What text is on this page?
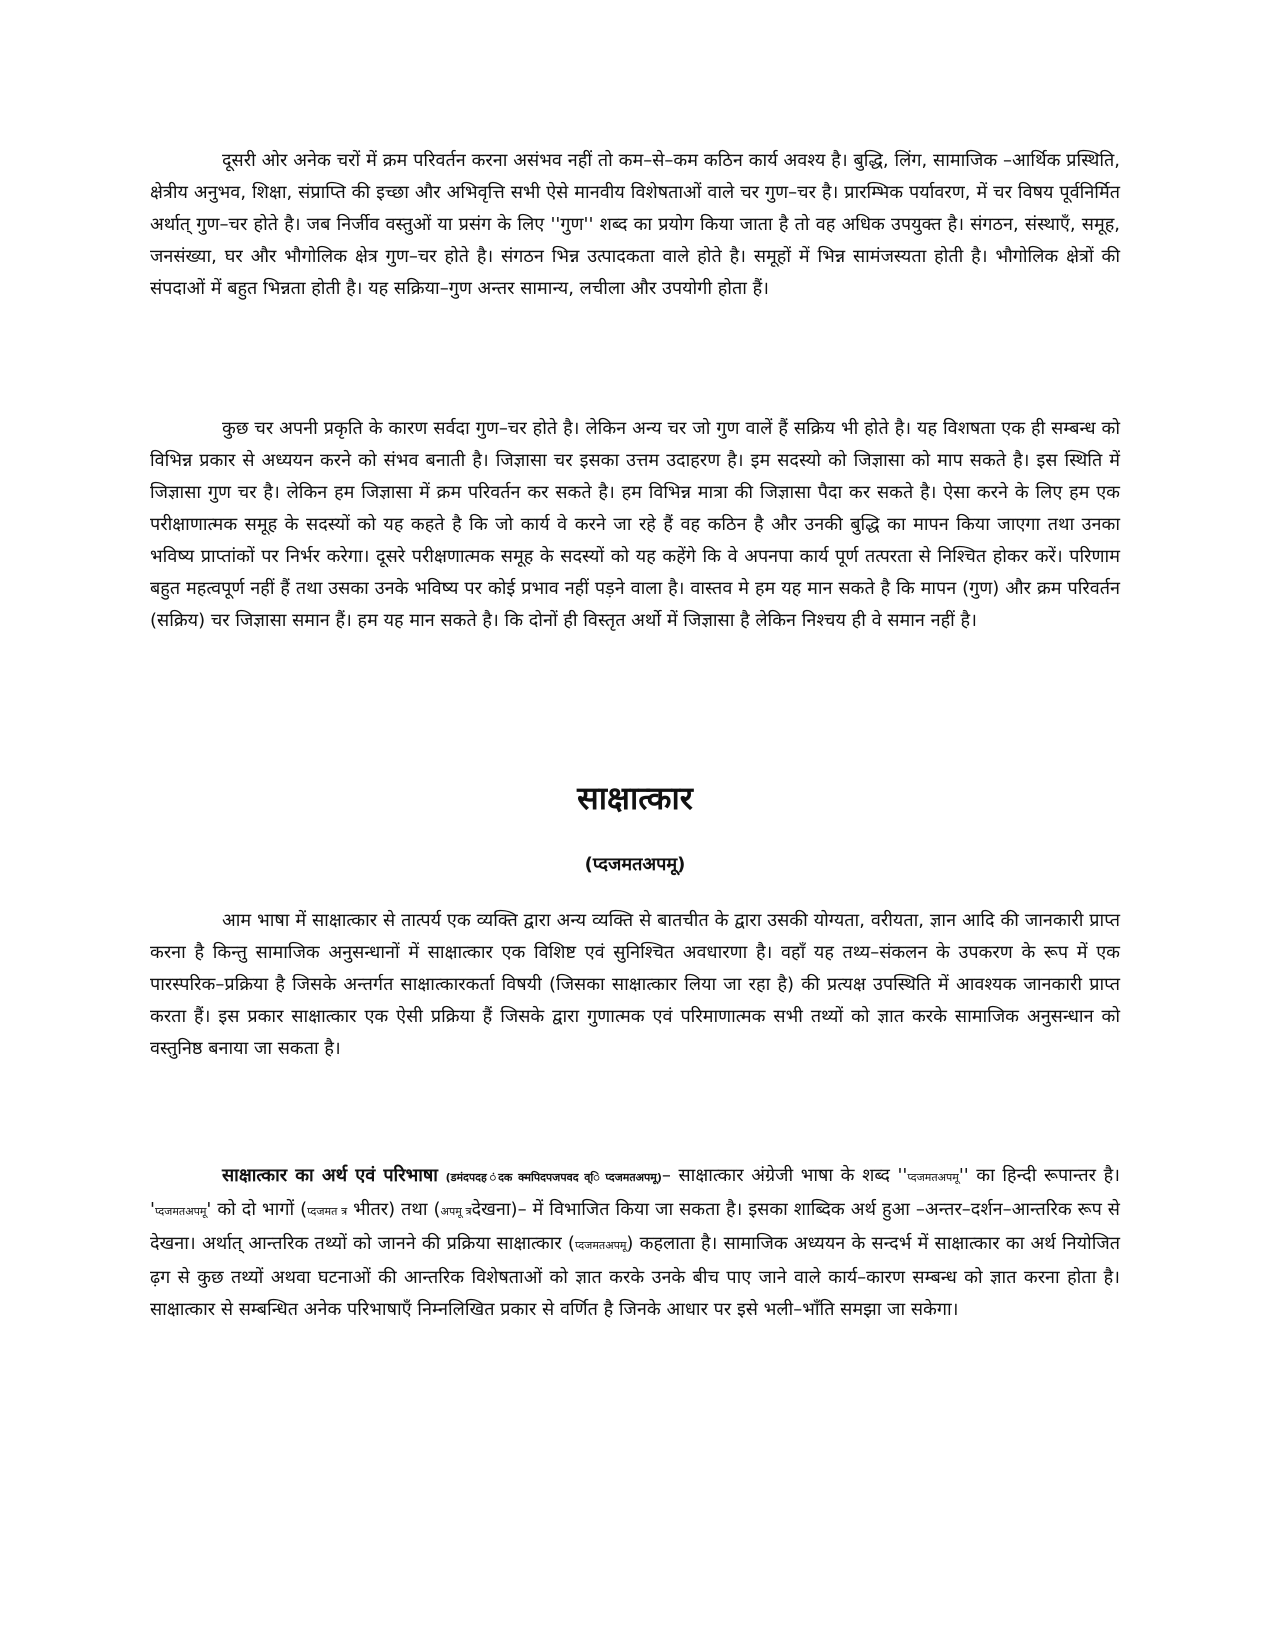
दूसरी ओर अनेक चरों में क्रम परिवर्तन करना असंभव नहीं तो कम–से–कम कठिन कार्य अवश्य है। बुद्धि, लिंग, सामाजिक –आर्थिक प्रस्थिति, क्षेत्रीय अनुभव, शिक्षा, संप्राप्ति की इच्छा और अभिवृत्ति सभी ऐसे मानवीय विशेषताओं वाले चर गुण–चर है। प्रारम्भिक पर्यावरण, में चर विषय पूर्वनिर्मित अर्थात् गुण–चर होते है। जब निर्जीव वस्तुओं या प्रसंग के लिए ''गुण'' शब्द का प्रयोग किया जाता है तो वह अधिक उपयुक्त है। संगठन, संस्थाएँ, समूह, जनसंख्या, घर और भौगोलिक क्षेत्र गुण–चर होते है। संगठन भिन्न उत्पादकता वाले होते है। समूहों में भिन्न सामंजस्यता होती है। भौगोलिक क्षेत्रों की संपदाओं में बहुत भिन्नता होती है। यह सक्रिया–गुण अन्तर सामान्य, लचीला और उपयोगी होता हैं।

कुछ चर अपनी प्रकृति के कारण सर्वदा गुण–चर होते है। लेकिन अन्य चर जो गुण वालें हैं सक्रिय भी होते है। यह विशषता एक ही सम्बन्ध को विभिन्न प्रकार से अध्ययन करने को संभव बनाती है। जिज्ञासा चर इसका उत्तम उदाहरण है। इम सदस्यो को जिज्ञासा को माप सकते है। इस स्थिति में जिज्ञासा गुण चर है। लेकिन हम जिज्ञासा में क्रम परिवर्तन कर सकते है। हम विभिन्न मात्रा की जिज्ञासा पैदा कर सकते है। ऐसा करने के लिए हम एक परीक्षाणात्मक समूह के सदस्यों को यह कहते है कि जो कार्य वे करने जा रहे हैं वह कठिन है और उनकी बुद्धि का मापन किया जाएगा तथा उनका भविष्य प्राप्तांकों पर निर्भर करेगा। दूसरे परीक्षणात्मक समूह के सदस्यों को यह कहेंगे कि वे अपनपा कार्य पूर्ण तत्परता से निश्चित होकर करें। परिणाम बहुत महत्वपूर्ण नहीं हैं तथा उसका उनके भविष्य पर कोई प्रभाव नहीं पड़ने वाला है। वास्तव मे हम यह मान सकते है कि मापन (गुण) और क्रम परिवर्तन (सक्रिय) चर जिज्ञासा समान हैं। हम यह मान सकते है। कि दोनों ही विस्तृत अर्थो में जिज्ञासा है लेकिन निश्चय ही वे समान नहीं है।

साक्षात्कार
(प्दजमतअपमू)

आम भाषा में साक्षात्कार से तात्पर्य एक व्यक्ति द्वारा अन्य व्यक्ति से बातचीत के द्वारा उसकी योग्यता, वरीयता, ज्ञान आदि की जानकारी प्राप्त करना है किन्तु सामाजिक अनुसन्धानों में साक्षात्कार एक विशिष्ट एवं सुनिश्चित अवधारणा है। वहाँ यह तथ्य–संकलन के उपकरण के रूप में एक पारस्परिक–प्रक्रिया है जिसके अन्तर्गत साक्षात्कारकर्ता विषयी (जिसका साक्षात्कार लिया जा रहा है) की प्रत्यक्ष उपस्थिति में आवश्यक जानकारी प्राप्त करता हैं। इस प्रकार साक्षात्कार एक ऐसी प्रक्रिया हैं जिसके द्वारा गुणात्मक एवं परिमाणात्मक सभी तथ्यों को ज्ञात करके सामाजिक अनुसन्धान को वस्तुनिष्ठ बनाया जा सकता है।

साक्षात्कार का अर्थ एवं परिभाषा (डमंदपदह ंदक क्मपिदपजपवद व्ि प्दजमतअपमू)– साक्षात्कार अंग्रेजी भाषा के शब्द ''प्दजमतअपमू'' का हिन्दी रूपान्तर है। 'प्दजमतअपमू' को दो भागों (प्दजमत त्र भीतर) तथा (अपमू त्रदेखना)– में विभाजित किया जा सकता है। इसका शाब्दिक अर्थ हुआ –अन्तर–दर्शन–आन्तरिक रूप से देखना। अर्थात् आन्तरिक तथ्यों को जानने की प्रक्रिया साक्षात्कार (प्दजमतअपमू) कहलाता है। सामाजिक अध्ययन के सन्दर्भ में साक्षात्कार का अर्थ नियोजित ढ़ग से कुछ तथ्यों अथवा घटनाओं की आन्तरिक विशेषताओं को ज्ञात करके उनके बीच पाए जाने वाले कार्य–कारण सम्बन्ध को ज्ञात करना होता है। साक्षात्कार से सम्बन्धित अनेक परिभाषाएँ निम्नलिखित प्रकार से वर्णित है जिनके आधार पर इसे भली–भाँति समझा जा सकेगा।
